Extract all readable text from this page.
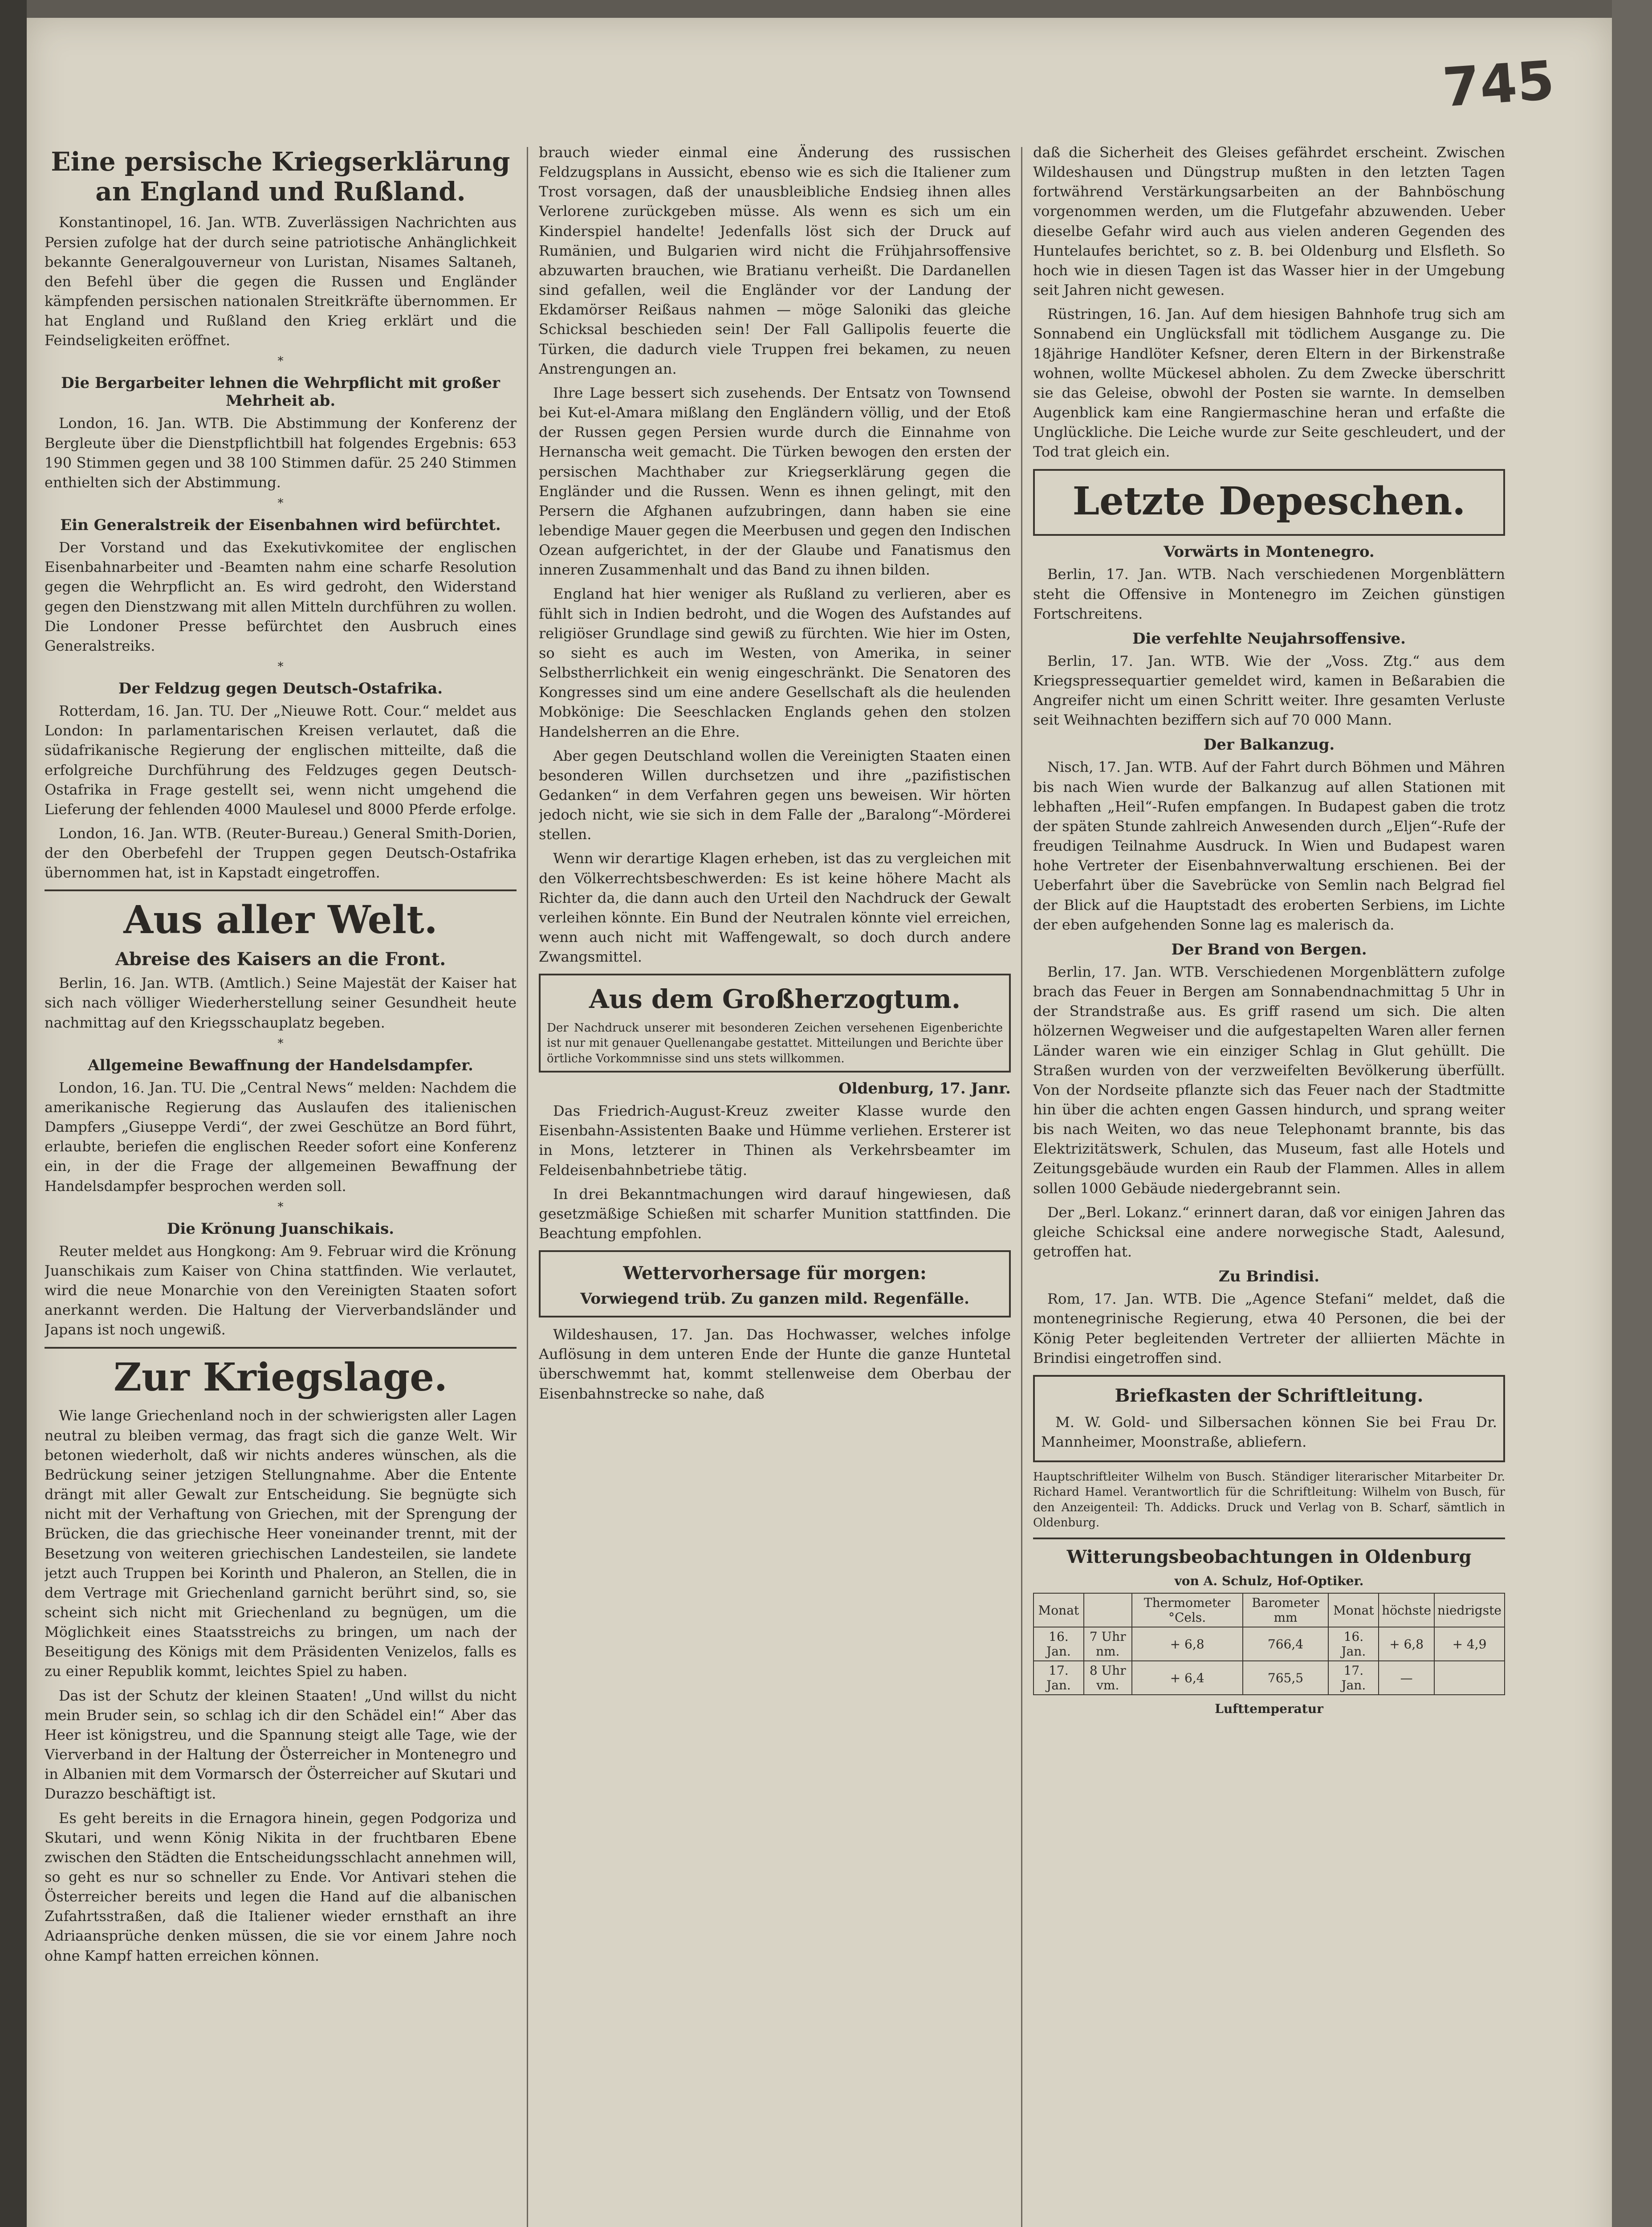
745
Eine persische Kriegserklärung an England und Rußland.

Konstantinopel, 16. Jan. WTB. Zuverlässigen Nachrichten aus Persien zufolge hat der durch seine patriotische Anhänglichkeit bekannte Generalgouverneur von Luristan, Nisames Saltaneh, den Befehl über die gegen die Russen und Engländer kämpfenden persischen nationalen Streitkräfte übernommen. Er hat England und Rußland den Krieg erklärt und die Feindseligkeiten eröffnet.

*
Die Bergarbeiter lehnen die Wehrpflicht mit großer Mehrheit ab.

London, 16. Jan. WTB. Die Abstimmung der Konferenz der Bergleute über die Dienstpflichtbill hat folgendes Ergebnis: 653 190 Stimmen gegen und 38 100 Stimmen dafür. 25 240 Stimmen enthielten sich der Abstimmung.

*
Ein Generalstreik der Eisenbahnen wird befürchtet.

Der Vorstand und das Exekutivkomitee der englischen Eisenbahnarbeiter und -Beamten nahm eine scharfe Resolution gegen die Wehrpflicht an. Es wird gedroht, den Widerstand gegen den Dienstzwang mit allen Mitteln durchführen zu wollen. Die Londoner Presse befürchtet den Ausbruch eines Generalstreiks.

*
Der Feldzug gegen Deutsch-Ostafrika.

Rotterdam, 16. Jan. TU. Der „Nieuwe Rott. Cour.“ meldet aus London: In parlamentarischen Kreisen verlautet, daß die südafrikanische Regierung der englischen mitteilte, daß die erfolgreiche Durchführung des Feldzuges gegen Deutsch-Ostafrika in Frage gestellt sei, wenn nicht umgehend die Lieferung der fehlenden 4000 Maulesel und 8000 Pferde erfolge.

London, 16. Jan. WTB. (Reuter-Bureau.) General Smith-Dorien, der den Oberbefehl der Truppen gegen Deutsch-Ostafrika übernommen hat, ist in Kapstadt eingetroffen.

Aus aller Welt.
Abreise des Kaisers an die Front.

Berlin, 16. Jan. WTB. (Amtlich.) Seine Majestät der Kaiser hat sich nach völliger Wiederherstellung seiner Gesundheit heute nachmittag auf den Kriegsschauplatz begeben.

*
Allgemeine Bewaffnung der Handelsdampfer.

London, 16. Jan. TU. Die „Central News“ melden: Nachdem die amerikanische Regierung das Auslaufen des italienischen Dampfers „Giuseppe Verdi“, der zwei Geschütze an Bord führt, erlaubte, beriefen die englischen Reeder sofort eine Konferenz ein, in der die Frage der allgemeinen Bewaffnung der Handelsdampfer besprochen werden soll.

*
Die Krönung Juanschikais.

Reuter meldet aus Hongkong: Am 9. Februar wird die Krönung Juanschikais zum Kaiser von China stattfinden. Wie verlautet, wird die neue Monarchie von den Vereinigten Staaten sofort anerkannt werden. Die Haltung der Vierverbandsländer und Japans ist noch ungewiß.

Zur Kriegslage.

Wie lange Griechenland noch in der schwierigsten aller Lagen neutral zu bleiben vermag, das fragt sich die ganze Welt. Wir betonen wiederholt, daß wir nichts anderes wünschen, als die Bedrückung seiner jetzigen Stellungnahme. Aber die Entente drängt mit aller Gewalt zur Entscheidung. Sie begnügte sich nicht mit der Verhaftung von Griechen, mit der Sprengung der Brücken, die das griechische Heer voneinander trennt, mit der Besetzung von weiteren griechischen Landesteilen, sie landete jetzt auch Truppen bei Korinth und Phaleron, an Stellen, die in dem Vertrage mit Griechenland garnicht berührt sind, so, sie scheint sich nicht mit Griechenland zu begnügen, um die Möglichkeit eines Staatsstreichs zu bringen, um nach der Beseitigung des Königs mit dem Präsidenten Venizelos, falls es zu einer Republik kommt, leichtes Spiel zu haben.

Das ist der Schutz der kleinen Staaten! „Und willst du nicht mein Bruder sein, so schlag ich dir den Schädel ein!“ Aber das Heer ist königstreu, und die Spannung steigt alle Tage, wie der Vierverband in der Haltung der Österreicher in Montenegro und in Albanien mit dem Vormarsch der Österreicher auf Skutari und Durazzo beschäftigt ist.

Es geht bereits in die Ernagora hinein, gegen Podgoriza und Skutari, und wenn König Nikita in der fruchtbaren Ebene zwischen den Städten die Entscheidungsschlacht annehmen will, so geht es nur so schneller zu Ende. Vor Antivari stehen die Österreicher bereits und legen die Hand auf die albanischen Zufahrtsstraßen, daß die Italiener wieder ernsthaft an ihre Adriaansprüche denken müssen, die sie vor einem Jahre noch ohne Kampf hatten erreichen können.

brauch wieder einmal eine Änderung des russischen Feldzugsplans in Aussicht, ebenso wie es sich die Italiener zum Trost vorsagen, daß der unausbleibliche Endsieg ihnen alles Verlorene zurückgeben müsse. Als wenn es sich um ein Kinderspiel handelte! Jedenfalls löst sich der Druck auf Rumänien, und Bulgarien wird nicht die Frühjahrsoffensive abzuwarten brauchen, wie Bratianu verheißt. Die Dardanellen sind gefallen, weil die Engländer vor der Landung der Ekdamörser Reißaus nahmen — möge Saloniki das gleiche Schicksal beschieden sein! Der Fall Gallipolis feuerte die Türken, die dadurch viele Truppen frei bekamen, zu neuen Anstrengungen an.

Ihre Lage bessert sich zusehends. Der Entsatz von Townsend bei Kut-el-Amara mißlang den Engländern völlig, und der Etoß der Russen gegen Persien wurde durch die Einnahme von Hernanscha weit gemacht. Die Türken bewogen den ersten der persischen Machthaber zur Kriegserklärung gegen die Engländer und die Russen. Wenn es ihnen gelingt, mit den Persern die Afghanen aufzubringen, dann haben sie eine lebendige Mauer gegen die Meerbusen und gegen den Indischen Ozean aufgerichtet, in der der Glaube und Fanatismus den inneren Zusammenhalt und das Band zu ihnen bilden.

England hat hier weniger als Rußland zu verlieren, aber es fühlt sich in Indien bedroht, und die Wogen des Aufstandes auf religiöser Grundlage sind gewiß zu fürchten. Wie hier im Osten, so sieht es auch im Westen, von Amerika, in seiner Selbstherrlichkeit ein wenig eingeschränkt. Die Senatoren des Kongresses sind um eine andere Gesellschaft als die heulenden Mobkönige: Die Seeschlacken Englands gehen den stolzen Handelsherren an die Ehre.

Aber gegen Deutschland wollen die Vereinigten Staaten einen besonderen Willen durchsetzen und ihre „pazifistischen Gedanken“ in dem Verfahren gegen uns beweisen. Wir hörten jedoch nicht, wie sie sich in dem Falle der „Baralong“-Mörderei stellen.

Wenn wir derartige Klagen erheben, ist das zu vergleichen mit den Völkerrechtsbeschwerden: Es ist keine höhere Macht als Richter da, die dann auch den Urteil den Nachdruck der Gewalt verleihen könnte. Ein Bund der Neutralen könnte viel erreichen, wenn auch nicht mit Waffengewalt, so doch durch andere Zwangsmittel.

Aus dem Großherzogtum.
Der Nachdruck unserer mit besonderen Zeichen versehenen Eigenberichte ist nur mit genauer Quellenangabe gestattet. Mitteilungen und Berichte über örtliche Vorkommnisse sind uns stets willkommen.
Oldenburg, 17. Janr.

Das Friedrich-August-Kreuz zweiter Klasse wurde den Eisenbahn-Assistenten Baake und Hümme verliehen. Ersterer ist in Mons, letzterer in Thinen als Verkehrsbeamter im Feldeisenbahnbetriebe tätig.

In drei Bekanntmachungen wird darauf hingewiesen, daß gesetzmäßige Schießen mit scharfer Munition stattfinden. Die Beachtung empfohlen.

Wettervorhersage für morgen:
Vorwiegend trüb. Zu ganzen mild. Regenfälle.

Wildeshausen, 17. Jan. Das Hochwasser, welches infolge Auflösung in dem unteren Ende der Hunte die ganze Huntetal überschwemmt hat, kommt stellenweise dem Oberbau der Eisenbahnstrecke so nahe, daß

daß die Sicherheit des Gleises gefährdet erscheint. Zwischen Wildeshausen und Düngstrup mußten in den letzten Tagen fortwährend Verstärkungsarbeiten an der Bahnböschung vorgenommen werden, um die Flutgefahr abzuwenden. Ueber dieselbe Gefahr wird auch aus vielen anderen Gegenden des Huntelaufes berichtet, so z. B. bei Oldenburg und Elsfleth. So hoch wie in diesen Tagen ist das Wasser hier in der Umgebung seit Jahren nicht gewesen.

Rüstringen, 16. Jan. Auf dem hiesigen Bahnhofe trug sich am Sonnabend ein Unglücksfall mit tödlichem Ausgange zu. Die 18jährige Handlöter Kefsner, deren Eltern in der Birkenstraße wohnen, wollte Mückesel abholen. Zu dem Zwecke überschritt sie das Geleise, obwohl der Posten sie warnte. In demselben Augenblick kam eine Rangiermaschine heran und erfaßte die Unglückliche. Die Leiche wurde zur Seite geschleudert, und der Tod trat gleich ein.

Letzte Depeschen.
Vorwärts in Montenegro.

Berlin, 17. Jan. WTB. Nach verschiedenen Morgenblättern steht die Offensive in Montenegro im Zeichen günstigen Fortschreitens.

Die verfehlte Neujahrsoffensive.

Berlin, 17. Jan. WTB. Wie der „Voss. Ztg.“ aus dem Kriegspressequartier gemeldet wird, kamen in Beßarabien die Angreifer nicht um einen Schritt weiter. Ihre gesamten Verluste seit Weihnachten beziffern sich auf 70 000 Mann.

Der Balkanzug.

Nisch, 17. Jan. WTB. Auf der Fahrt durch Böhmen und Mähren bis nach Wien wurde der Balkanzug auf allen Stationen mit lebhaften „Heil“-Rufen empfangen. In Budapest gaben die trotz der späten Stunde zahlreich Anwesenden durch „Eljen“-Rufe der freudigen Teilnahme Ausdruck. In Wien und Budapest waren hohe Vertreter der Eisenbahnverwaltung erschienen. Bei der Ueberfahrt über die Savebrücke von Semlin nach Belgrad fiel der Blick auf die Hauptstadt des eroberten Serbiens, im Lichte der eben aufgehenden Sonne lag es malerisch da.

Der Brand von Bergen.

Berlin, 17. Jan. WTB. Verschiedenen Morgenblättern zufolge brach das Feuer in Bergen am Sonnabendnachmittag 5 Uhr in der Strandstraße aus. Es griff rasend um sich. Die alten hölzernen Wegweiser und die aufgestapelten Waren aller fernen Länder waren wie ein einziger Schlag in Glut gehüllt. Die Straßen wurden von der verzweifelten Bevölkerung überfüllt. Von der Nordseite pflanzte sich das Feuer nach der Stadtmitte hin über die achten engen Gassen hindurch, und sprang weiter bis nach Weiten, wo das neue Telephonamt brannte, bis das Elektrizitätswerk, Schulen, das Museum, fast alle Hotels und Zeitungsgebäude wurden ein Raub der Flammen. Alles in allem sollen 1000 Gebäude niedergebrannt sein.

Der „Berl. Lokanz.“ erinnert daran, daß vor einigen Jahren das gleiche Schicksal eine andere norwegische Stadt, Aalesund, getroffen hat.

Zu Brindisi.

Rom, 17. Jan. WTB. Die „Agence Stefani“ meldet, daß die montenegrinische Regierung, etwa 40 Personen, die bei der König Peter begleitenden Vertreter der alliierten Mächte in Brindisi eingetroffen sind.

Briefkasten der Schriftleitung.

M. W. Gold- und Silbersachen können Sie bei Frau Dr. Mannheimer, Moonstraße, abliefern.

Hauptschriftleiter Wilhelm von Busch. Ständiger literarischer Mitarbeiter Dr. Richard Hamel. Verantwortlich für die Schriftleitung: Wilhelm von Busch, für den Anzeigenteil: Th. Addicks. Druck und Verlag von B. Scharf, sämtlich in Oldenburg.
Witterungsbeobachtungen in Oldenburg
von A. Schulz, Hof-Optiker.
Monat		Thermometer °Cels.	Barometer mm	Monat	höchste	niedrigste
16. Jan.	7 Uhr nm.	+ 6,8	766,4	16. Jan.	+ 6,8	+ 4,9
17. Jan.	8 Uhr vm.	+ 6,4	765,5	17. Jan.	—	
Lufttemperatur
